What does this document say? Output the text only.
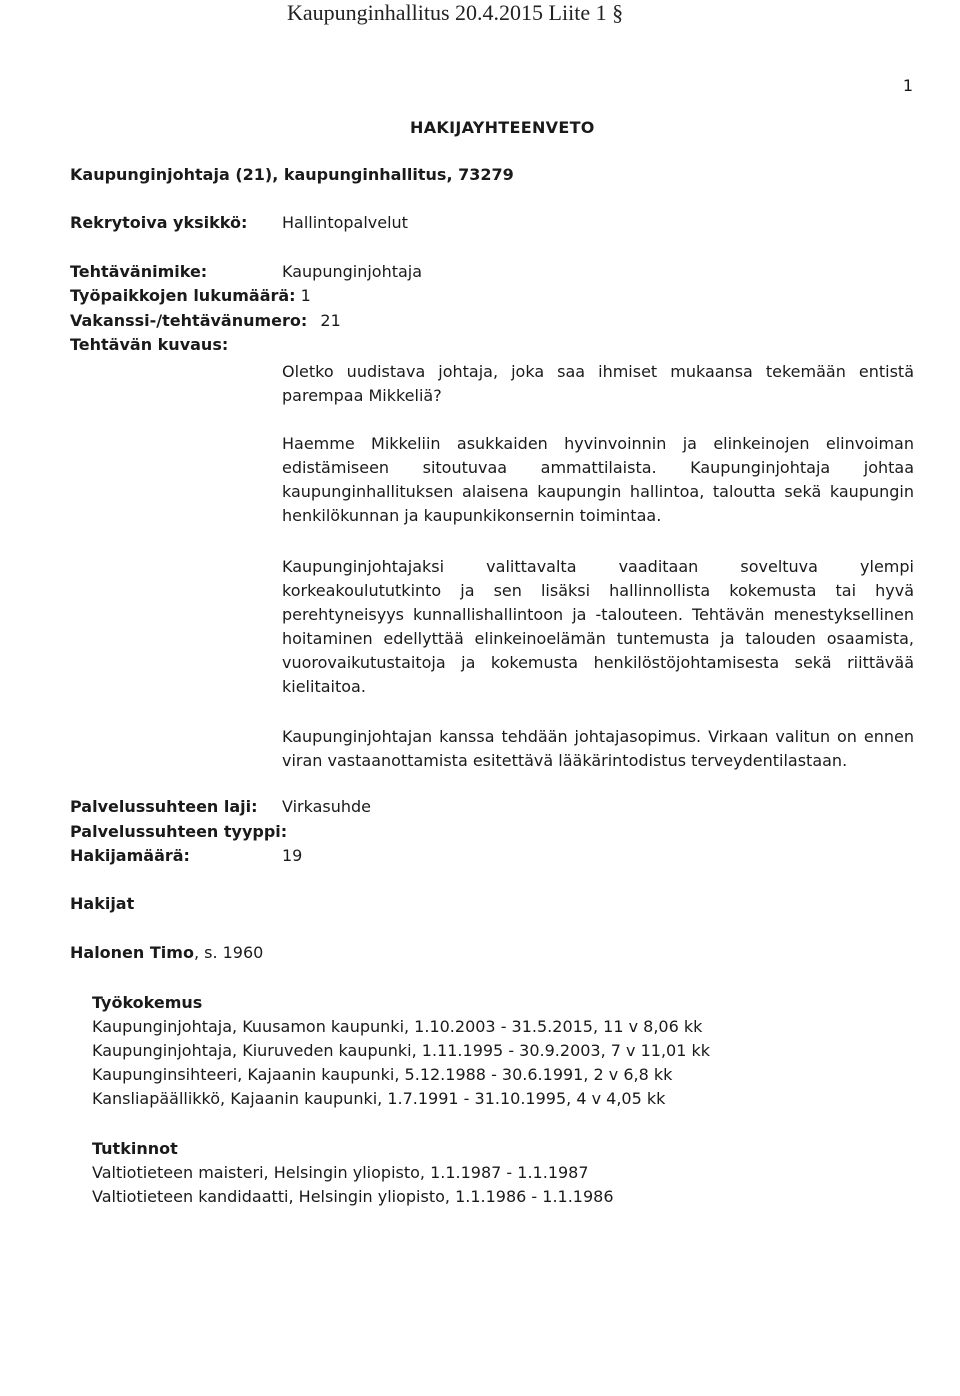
Kaupunginhallitus 20.4.2015 Liite 1 §
1
HAKIJAYHTEENVETO
Kaupunginjohtaja (21), kaupunginhallitus, 73279
Rekrytoiva yksikkö: Hallintopalvelut
Tehtävänimike:	Kaupunginjohtaja
Työpaikkojen lukumäärä: 1
Vakanssi-/tehtävänumero: 21
Tehtävän kuvaus:
Oletko uudistava johtaja, joka saa ihmiset mukaansa tekemään entistä parempaa Mikkeliä?
Haemme Mikkeliin asukkaiden hyvinvoinnin ja elinkeinojen elinvoiman edistämiseen sitoutuvaa ammattilaista. Kaupunginjohtaja johtaa kaupunginhallituksen alaisena kaupungin hallintoa, taloutta sekä kaupungin henkilökunnan ja kaupunkikonsernin toimintaa.
Kaupunginjohtajaksi valittavalta vaaditaan soveltuva ylempi korkeakoulututkinto ja sen lisäksi hallinnollista kokemusta tai hyvä perehtyneisyys kunnallishallintoon ja -talouteen. Tehtävän menestyksellinen hoitaminen edellyttää elinkeinoelämän tuntemusta ja talouden osaamista, vuorovaikutustaitoja ja kokemusta henkilöstöjohtamisesta sekä riittävää kielitaitoa.
Kaupunginjohtajan kanssa tehdään johtajasopimus. Virkaan valitun on ennen viran vastaanottamista esitettävä lääkärintodistus terveydentilastaan.
Palvelussuhteen laji: Virkasuhde
Palvelussuhteen tyyppi:
Hakijamäärä:	19
Hakijat
Halonen Timo, s. 1960
Työkokemus
Kaupunginjohtaja, Kuusamon kaupunki, 1.10.2003 - 31.5.2015, 11 v 8,06 kk
Kaupunginjohtaja, Kiuruveden kaupunki, 1.11.1995 - 30.9.2003, 7 v 11,01 kk
Kaupunginsihteeri, Kajaanin kaupunki, 5.12.1988 - 30.6.1991, 2 v 6,8 kk
Kansliapäällikkö, Kajaanin kaupunki, 1.7.1991 - 31.10.1995, 4 v 4,05 kk
Tutkinnot
Valtiotieteen maisteri, Helsingin yliopisto, 1.1.1987 - 1.1.1987
Valtiotieteen kandidaatti, Helsingin yliopisto, 1.1.1986 - 1.1.1986
